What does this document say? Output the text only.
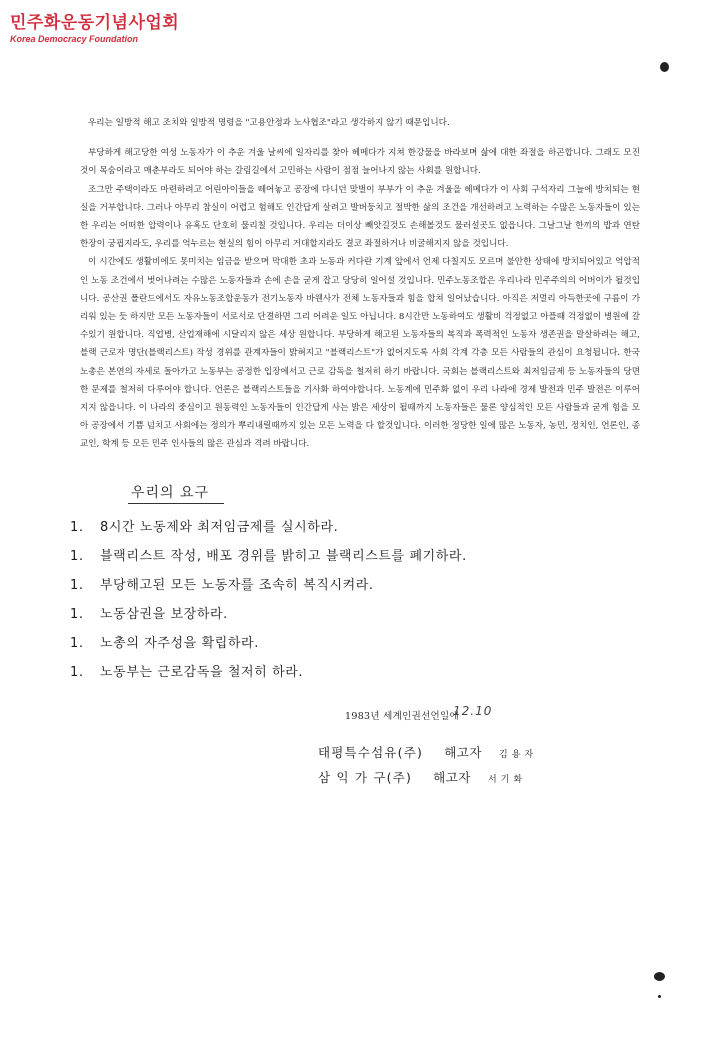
민주화운동기념사업회
Korea Democracy Foundation

우리는 일방적 해고 조치와 일방적 명령을 "고용안정과 노사협조"라고 생각하지 않기 때문입니다.

부당하게 해고당한 여성 노동자가 이 추운 겨울 날씨에 일자리를 찾아 헤메다가 지쳐 한강물을 바라보며 삶에 대한 좌절을 하곤합니다. 그래도 모진것이 목숨이라고 매춘부라도 되어야 하는 갈림길에서 고민하는 사람이 점점 늘어나지 않는 사회를 원합니다.

조그만 주택이라도 마련하려고 어린아이들을 떼어놓고 공장에 다니던 맞벌이 부부가 이 추운 겨울을 헤메다가 이 사회 구석자리 그늘에 방치되는 현실을 거부합니다. 그러나 아무리 참실이 어렵고 험해도 인간답게 살려고 발버둥치고 절박한 삶의 조건을 개선하려고 노력하는 수많은 노동자들이 있는한 우리는 어떠한 압력이나 유혹도 단호히 물리칠 것입니다. 우리는 더이상 빼앗길것도 손해볼것도 물러설곳도 없읍니다. 그날그날 한끼의 밥과 연탄 한장이 궁핍지라도, 우리를 억누르는 현실의 힘이 아무리 거대할지라도 결코 좌절하거나 비굴해지지 않을 것입니다.

이 시간에도 생활비에도 못미치는 임금을 받으며 막대한 초과 노동과 커다란 기계 앞에서 언제 다칠지도 모르며 불안한 상태에 방치되어있고 억압적인 노동 조건에서 벗어나려는 수많은 노동자들과 손에 손을 굳게 잡고 당당히 일어설 것입니다. 민주노동조합은 우리나라 민주주의의 어버이가 될것입니다. 공산권 폴란드에서도 자유노동조합운동가 전기노동자 바웬사가 전체 노동자들과 힘을 합쳐 일어났습니다. 아직은 저멀리 아득한곳에 구름이 가리워 있는 듯 하지만 모든 노동자들이 서로서로 단결하면 그리 어려운 일도 아닙니다. 8시간만 노동하여도 생활비 걱정없고 아플때 걱정없이 병원에 갈수있기 원합니다. 직업병, 산업재해에 시달리지 않은 세상 원합니다. 부당하게 해고된 노동자들의 복직과 폭력적인 노동자 생존권을 말살하려는 해고, 블랙 근로자 명단(블랙리스트) 작성 경위를 관계자들이 밝혀지고 "블랙리스트"가 없어지도록 사회 각계 각층 모든 사람들의 관심이 요청됩니다. 한국 노총은 본연의 자세로 돌아가고 노동부는 공정한 입장에서고 근로 감독을 철저히 하기 바랍니다. 국회는 블랙리스트와 최저임금제 등 노동자들의 당면한 문제를 철저히 다루어야 합니다. 언론은 블랙리스트들을 기사화 하여야합니다. 노동계에 민주화 없이 우리 나라에 경제 발전과 민주 발전은 이루어지지 않읍니다. 이 나라의 중심이고 원동력인 노동자들이 인간답게 사는 밝은 세상이 될때까지 노동자들은 물론 양심적인 모든 사람들과 굳게 힘을 모아 공장에서 기쁨 넘치고 사회에는 정의가 뿌리내릴때까지 있는 모든 노력을 다 할것입니다. 이러한 정당한 일에 많은 노동자, 농민, 정치인, 언론인, 종교인, 학계 등 모든 민주 인사들의 많은 관심과 격려 바랍니다.

우리의 요구
1. 8시간 노동제와 최저임금제를 실시하라.
1. 블랙리스트 작성, 배포 경위를 밝히고 블랙리스트를 폐기하라.
1. 부당해고된 모든 노동자를 조속히 복직시켜라.
1. 노동삼권을 보장하라.
1. 노총의 자주성을 확립하라.
1. 노동부는 근로감독을 철저히 하라.
1983년 세계인권선언일에
12.10
태평특수섬유(주) 해고자 김용자
삼 익 가 구(주) 해고자 서기화
